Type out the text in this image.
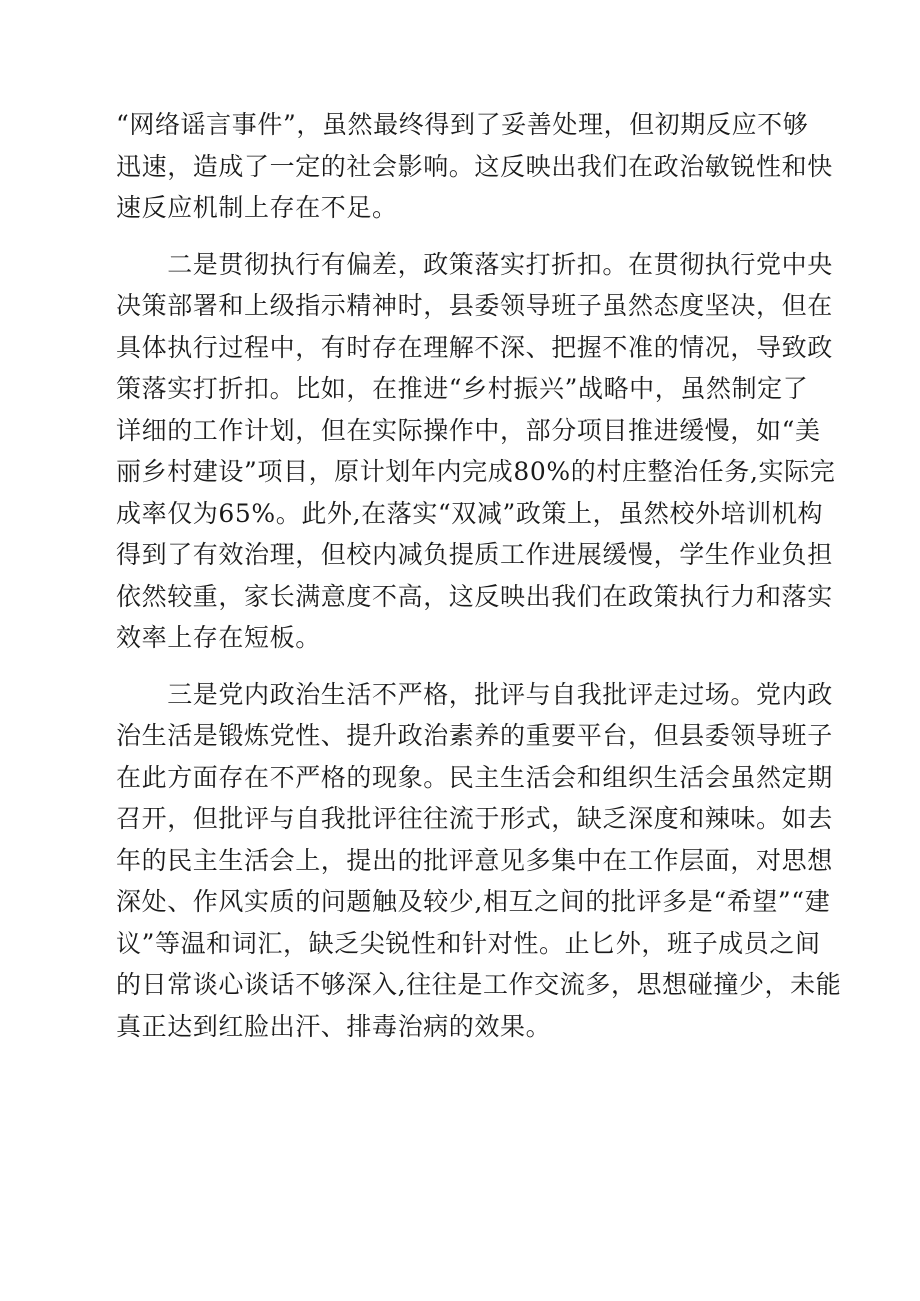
“网络谣言事件”，虽然最终得到了妥善处理，但初期反应不够
迅速，造成了一定的社会影响。这反映出我们在政治敏锐性和快
速反应机制上存在不足。

　　二是贯彻执行有偏差，政策落实打折扣。在贯彻执行党中央
决策部署和上级指示精神时，县委领导班子虽然态度坚决，但在
具体执行过程中，有时存在理解不深、把握不准的情况，导致政
策落实打折扣。比如，在推进“乡村振兴”战略中，虽然制定了
详细的工作计划，但在实际操作中，部分项目推进缓慢，如“美
丽乡村建设”项目，原计划年内完成80%的村庄整治任务,实际完
成率仅为65%。此外,在落实“双减”政策上，虽然校外培训机构
得到了有效治理，但校内减负提质工作进展缓慢，学生作业负担
依然较重，家长满意度不高，这反映出我们在政策执行力和落实
效率上存在短板。

　　三是党内政治生活不严格，批评与自我批评走过场。党内政
治生活是锻炼党性、提升政治素养的重要平台，但县委领导班子
在此方面存在不严格的现象。民主生活会和组织生活会虽然定期
召开，但批评与自我批评往往流于形式，缺乏深度和辣味。如去
年的民主生活会上，提出的批评意见多集中在工作层面，对思想
深处、作风实质的问题触及较少,相互之间的批评多是“希望”“建
议”等温和词汇，缺乏尖锐性和针对性。止匕外，班子成员之间
的日常谈心谈话不够深入,往往是工作交流多，思想碰撞少，未能
真正达到红脸出汗、排毒治病的效果。
